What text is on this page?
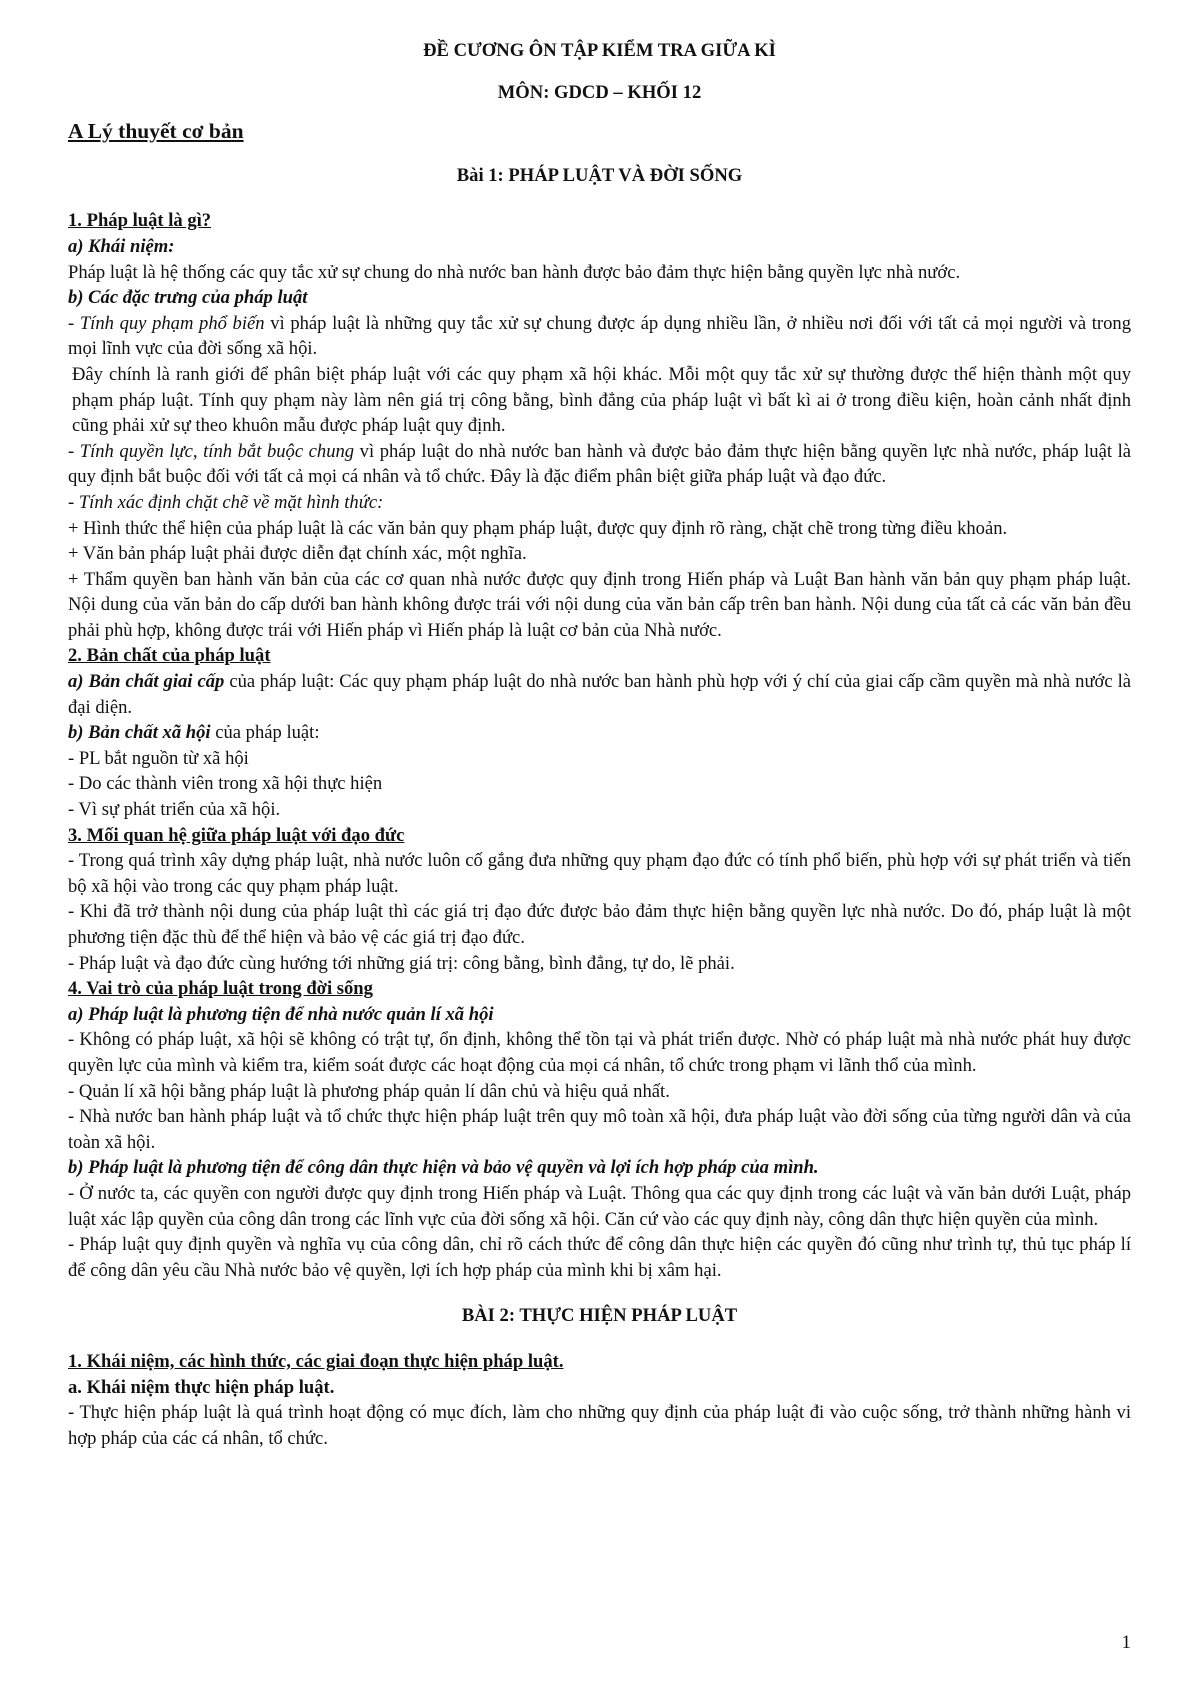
ĐỀ CƯƠNG ÔN TẬP KIỂM TRA GIỮA KÌ

MÔN: GDCD – KHỐI 12

A Lý thuyết cơ bản

Bài 1: PHÁP LUẬT VÀ ĐỜI SỐNG

1. Pháp luật là gì?

a) Khái niệm:

Pháp luật là hệ thống các quy tắc xử sự chung do nhà nước ban hành được bảo đảm thực hiện bằng quyền lực nhà nước.

b) Các đặc trưng của pháp luật

- Tính quy phạm phổ biến vì pháp luật là những quy tắc xử sự chung được áp dụng nhiều lần, ở nhiều nơi đối với tất cả mọi người và trong mọi lĩnh vực của đời sống xã hội.

Đây chính là ranh giới để phân biệt pháp luật với các quy phạm xã hội khác. Mỗi một quy tắc xử sự thường được thể hiện thành một quy phạm pháp luật. Tính quy phạm này làm nên giá trị công bằng, bình đẳng của pháp luật vì bất kì ai ở trong điều kiện, hoàn cảnh nhất định cũng phải xử sự theo khuôn mẫu được pháp luật quy định.

- Tính quyền lực, tính bắt buộc chung vì pháp luật do nhà nước ban hành và được bảo đảm thực hiện bằng quyền lực nhà nước, pháp luật là quy định bắt buộc đối với tất cả mọi cá nhân và tổ chức. Đây là đặc điểm phân biệt giữa pháp luật và đạo đức.

- Tính xác định chặt chẽ về mặt hình thức:

+ Hình thức thể hiện của pháp luật là các văn bản quy phạm pháp luật, được quy định rõ ràng, chặt chẽ trong từng điều khoản.

+ Văn bản pháp luật phải được diễn đạt chính xác, một nghĩa.

+ Thẩm quyền ban hành văn bản của các cơ quan nhà nước được quy định trong Hiến pháp và Luật Ban hành văn bản quy phạm pháp luật. Nội dung của văn bản do cấp dưới ban hành không được trái với nội dung của văn bản cấp trên ban hành. Nội dung của tất cả các văn bản đều phải phù hợp, không được trái với Hiến pháp vì Hiến pháp là luật cơ bản của Nhà nước.

2. Bản chất của pháp luật

a) Bản chất giai cấp của pháp luật: Các quy phạm pháp luật do nhà nước ban hành phù hợp với ý chí của giai cấp cầm quyền mà nhà nước là đại diện.

b) Bản chất xã hội của pháp luật:

- PL bắt nguồn từ xã hội

- Do các thành viên trong xã hội thực hiện

- Vì sự phát triển của xã hội.

3. Mối quan hệ giữa pháp luật với đạo đức

- Trong quá trình xây dựng pháp luật, nhà nước luôn cố gắng đưa những quy phạm đạo đức có tính phổ biến, phù hợp với sự phát triển và tiến bộ xã hội vào trong các quy phạm pháp luật.

- Khi đã trở thành nội dung của pháp luật thì các giá trị đạo đức được bảo đảm thực hiện bằng quyền lực nhà nước. Do đó, pháp luật là một phương tiện đặc thù để thể hiện và bảo vệ các giá trị đạo đức.

- Pháp luật và đạo đức cùng hướng tới những giá trị: công bằng, bình đẳng, tự do, lẽ phải.

4. Vai trò của pháp luật trong đời sống

a) Pháp luật là phương tiện để nhà nước quản lí xã hội

- Không có pháp luật, xã hội sẽ không có trật tự, ổn định, không thể tồn tại và phát triển được. Nhờ có pháp luật mà nhà nước phát huy được quyền lực của mình và kiểm tra, kiểm soát được các hoạt động của mọi cá nhân, tổ chức trong phạm vi lãnh thổ của mình.

- Quản lí xã hội bằng pháp luật là phương pháp quản lí dân chủ và hiệu quả nhất.

- Nhà nước ban hành pháp luật và tổ chức thực hiện pháp luật trên quy mô toàn xã hội, đưa pháp luật vào đời sống của từng người dân và của toàn xã hội.

b) Pháp luật là phương tiện để công dân thực hiện và bảo vệ quyền và lợi ích hợp pháp của mình.

- Ở nước ta, các quyền con người được quy định trong Hiến pháp và Luật. Thông qua các quy định trong các luật và văn bản dưới Luật, pháp luật xác lập quyền của công dân trong các lĩnh vực của đời sống xã hội. Căn cứ vào các quy định này, công dân thực hiện quyền của mình.

- Pháp luật quy định quyền và nghĩa vụ của công dân, chỉ rõ cách thức để công dân thực hiện các quyền đó cũng như trình tự, thủ tục pháp lí để công dân yêu cầu Nhà nước bảo vệ quyền, lợi ích hợp pháp của mình khi bị xâm hại.

BÀI 2: THỰC HIỆN PHÁP LUẬT

1. Khái niệm, các hình thức, các giai đoạn thực hiện pháp luật.

a. Khái niệm thực hiện pháp luật.

- Thực hiện pháp luật là quá trình hoạt động có mục đích, làm cho những quy định của pháp luật đi vào cuộc sống, trở thành những hành vi hợp pháp của các cá nhân, tổ chức.

1
